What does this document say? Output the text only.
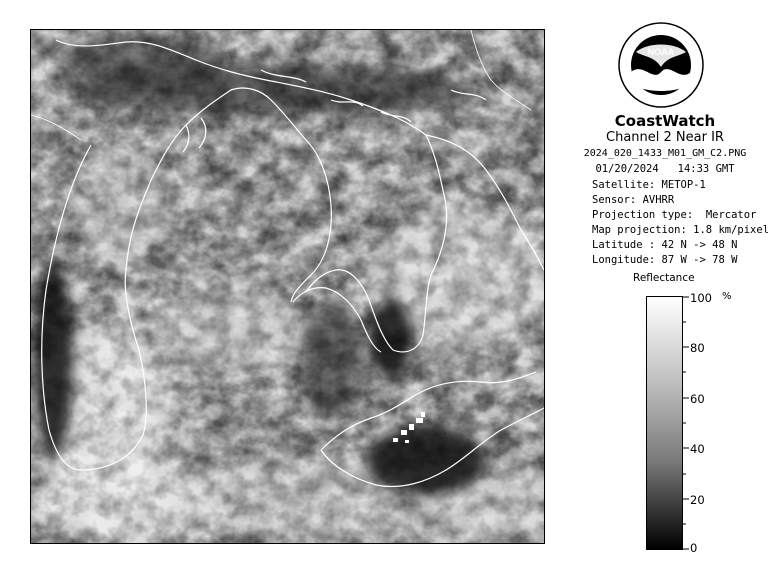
NOAA
CoastWatch
Channel 2 Near IR
2024_020_1433_M01_GM_C2.PNG
01/20/2024 14:33 GMT
Satellite: METOP-1
Sensor: AVHRR
Projection type: Mercator
Map projection: 1.8 km/pixel
Latitude : 42 N -> 48 N
Longitude: 87 W -> 78 W
Reflectance
100
80
60
40
20
0
%
